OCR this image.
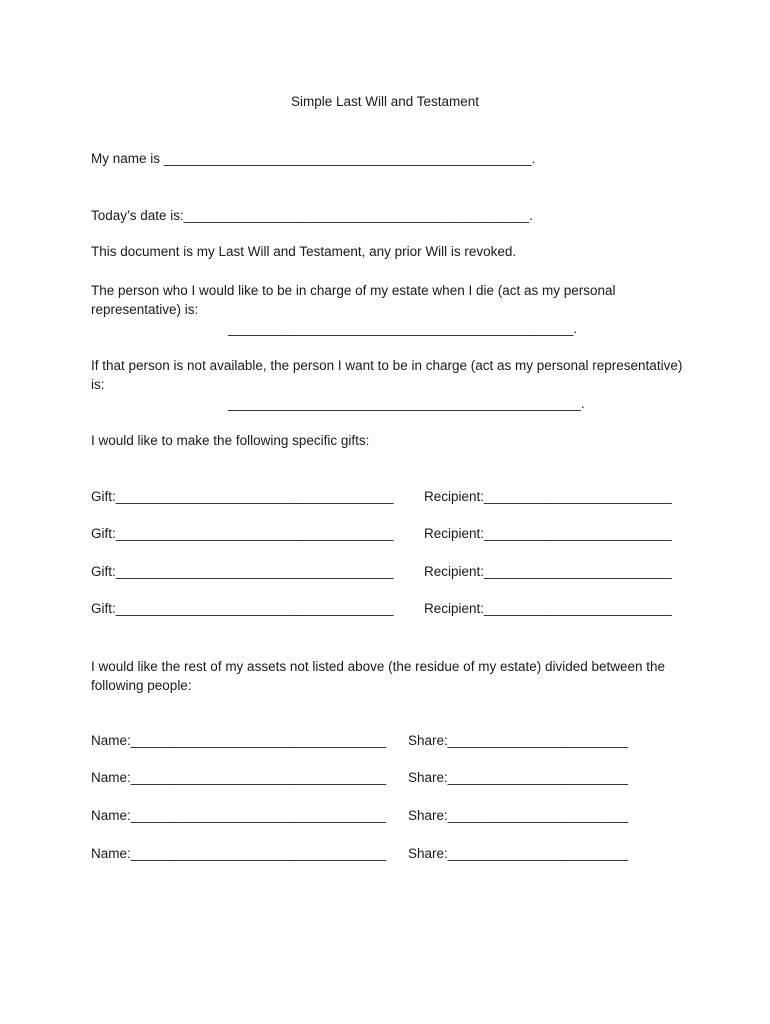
Simple Last Will and Testament
My name is _________________________________________________.
Today’s date is:______________________________________________.
This document is my Last Will and Testament, any prior Will is revoked.
The person who I would like to be in charge of my estate when I die (act as my personal representative) is:
______________________________________________.
If that person is not available, the person I want to be in charge (act as my personal representative) is:
_______________________________________________.
I would like to make the following specific gifts:
Gift:_____________________________________ Recipient:_________________________
Gift:_____________________________________ Recipient:_________________________
Gift:_____________________________________ Recipient:_________________________
Gift:_____________________________________ Recipient:_________________________
I would like the rest of my assets not listed above (the residue of my estate) divided between the following people:
Name:__________________________________ Share:________________________
Name:__________________________________ Share:________________________
Name:__________________________________ Share:________________________
Name:__________________________________ Share:________________________
